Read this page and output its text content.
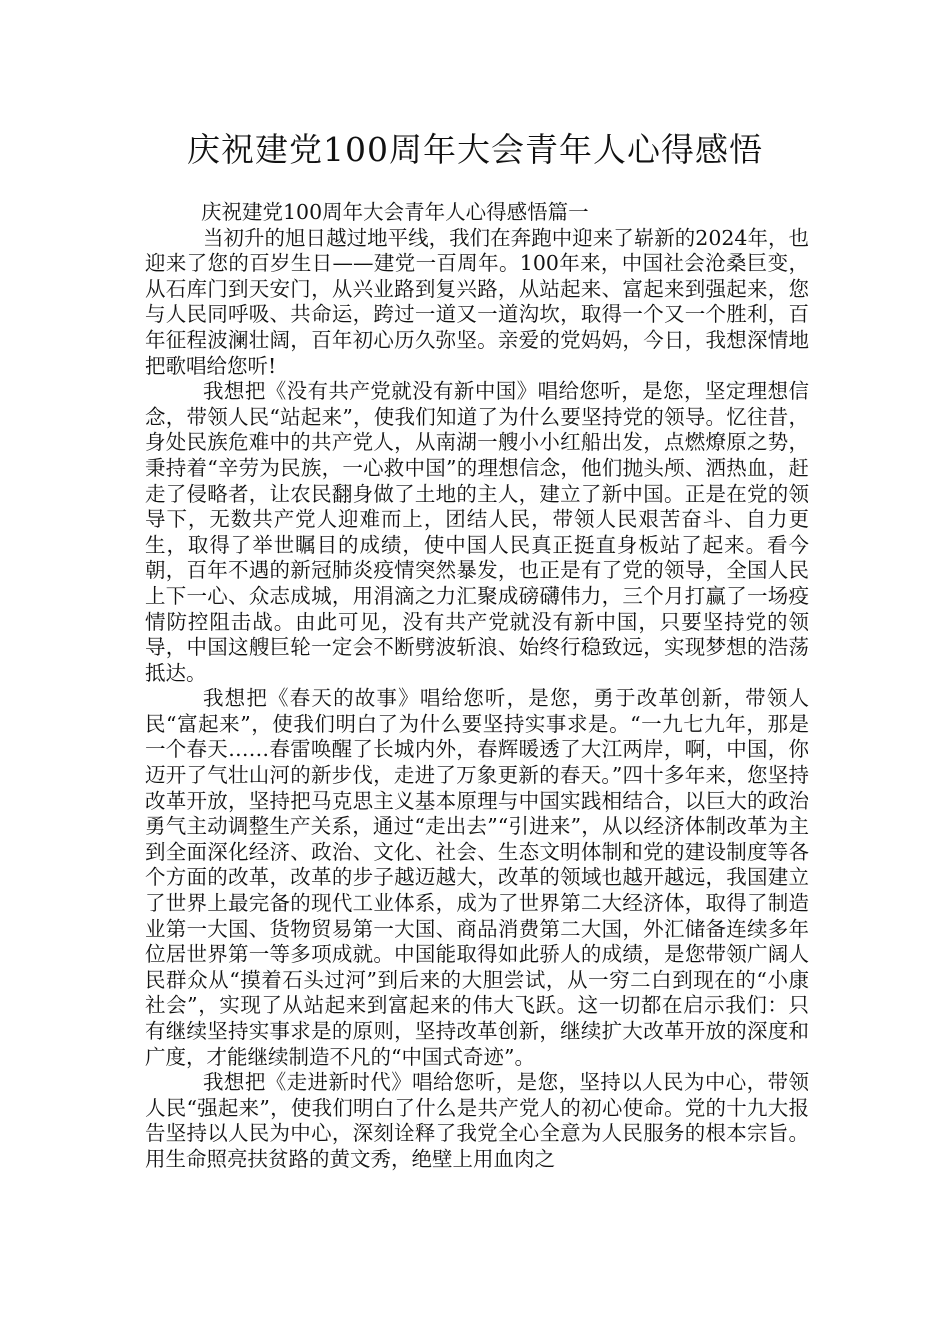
庆祝建党100周年大会青年人心得感悟

庆祝建党100周年大会青年人心得感悟篇一

当初升的旭日越过地平线，我们在奔跑中迎来了崭新的2024年，也迎来了您的百岁生日——建党一百周年。100年来，中国社会沧桑巨变，从石库门到天安门，从兴业路到复兴路，从站起来、富起来到强起来，您与人民同呼吸、共命运，跨过一道又一道沟坎，取得一个又一个胜利，百年征程波澜壮阔，百年初心历久弥坚。亲爱的党妈妈，今日，我想深情地把歌唱给您听!

我想把《没有共产党就没有新中国》唱给您听，是您，坚定理想信念，带领人民“站起来”，使我们知道了为什么要坚持党的领导。忆往昔，身处民族危难中的共产党人，从南湖一艘小小红船出发，点燃燎原之势，秉持着“辛劳为民族，一心救中国”的理想信念，他们抛头颅、洒热血，赶走了侵略者，让农民翻身做了土地的主人，建立了新中国。正是在党的领导下，无数共产党人迎难而上，团结人民，带领人民艰苦奋斗、自力更生，取得了举世瞩目的成绩，使中国人民真正挺直身板站了起来。看今朝，百年不遇的新冠肺炎疫情突然暴发，也正是有了党的领导，全国人民上下一心、众志成城，用涓滴之力汇聚成磅礴伟力，三个月打赢了一场疫情防控阻击战。由此可见，没有共产党就没有新中国，只要坚持党的领导，中国这艘巨轮一定会不断劈波斩浪、始终行稳致远，实现梦想的浩荡抵达。

我想把《春天的故事》唱给您听，是您，勇于改革创新，带领人民“富起来”，使我们明白了为什么要坚持实事求是。“一九七九年，那是一个春天……春雷唤醒了长城内外，春辉暖透了大江两岸，啊，中国，你迈开了气壮山河的新步伐，走进了万象更新的春天。”四十多年来，您坚持改革开放，坚持把马克思主义基本原理与中国实践相结合，以巨大的政治勇气主动调整生产关系，通过“走出去”“引进来”，从以经济体制改革为主到全面深化经济、政治、文化、社会、生态文明体制和党的建设制度等各个方面的改革，改革的步子越迈越大，改革的领域也越开越远，我国建立了世界上最完备的现代工业体系，成为了世界第二大经济体，取得了制造业第一大国、货物贸易第一大国、商品消费第二大国，外汇储备连续多年位居世界第一等多项成就。中国能取得如此骄人的成绩，是您带领广阔人民群众从“摸着石头过河”到后来的大胆尝试，从一穷二白到现在的“小康社会”，实现了从站起来到富起来的伟大飞跃。这一切都在启示我们：只有继续坚持实事求是的原则，坚持改革创新，继续扩大改革开放的深度和广度，才能继续制造不凡的“中国式奇迹”。

我想把《走进新时代》唱给您听，是您，坚持以人民为中心，带领人民“强起来”，使我们明白了什么是共产党人的初心使命。党的十九大报告坚持以人民为中心，深刻诠释了我党全心全意为人民服务的根本宗旨。用生命照亮扶贫路的黄文秀，绝壁上用血肉之
